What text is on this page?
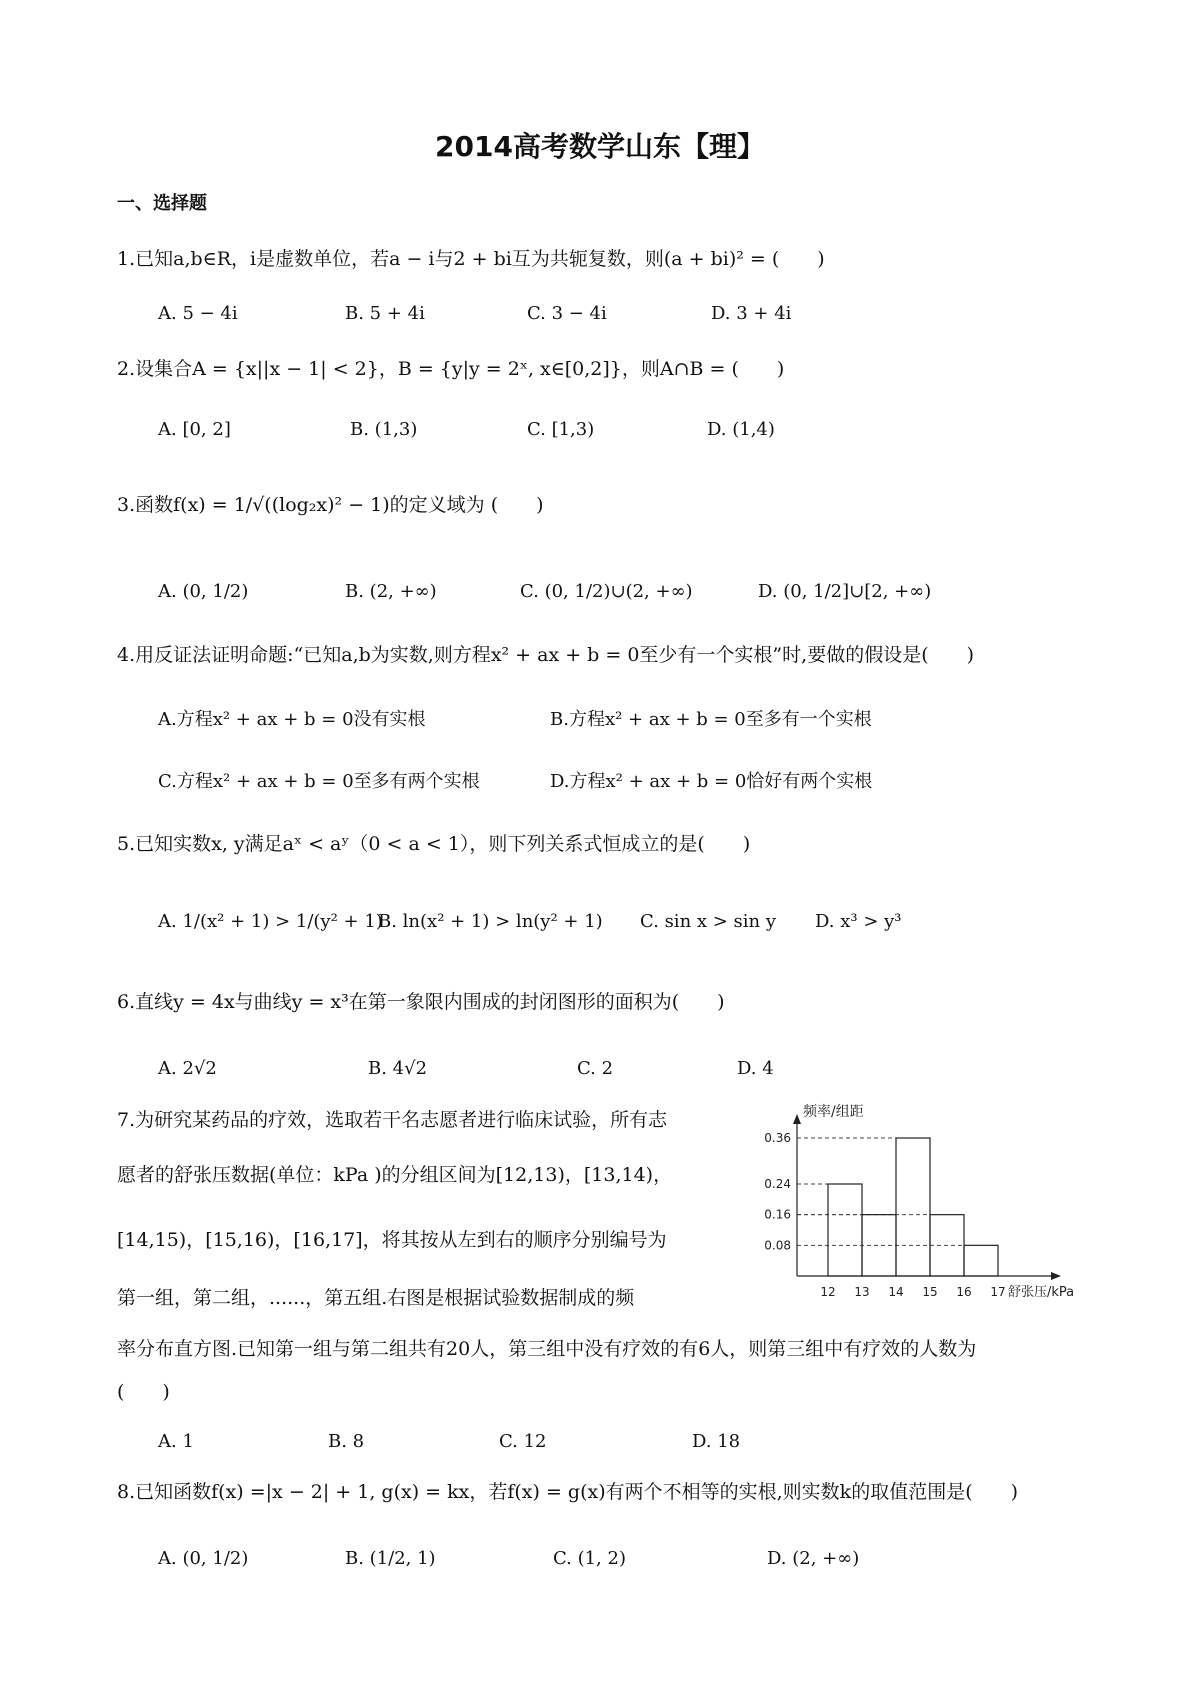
2014高考数学山东【理】
一、选择题
1.已知a,b∈R，i是虚数单位，若a − i与2 + bi互为共轭复数，则(a + bi)² = (　　)
A. 5 − 4i	B. 5 + 4i	C. 3 − 4i	D. 3 + 4i
2.设集合A = {x||x − 1| < 2}，B = {y|y = 2ˣ, x∈[0,2]}，则A∩B = (　　)
A. [0, 2]	B. (1,3)	C. [1,3)	D. (1,4)
3.函数f(x) = 1/√((log₂x)² − 1)的定义域为 (　　)
A. (0, 1/2)	B. (2, +∞)	C. (0, 1/2)∪(2, +∞)	D. (0, 1/2]∪[2, +∞)
4.用反证法证明命题:“已知a,b为实数,则方程x² + ax + b = 0至少有一个实根”时,要做的假设是(　　)
A.方程x² + ax + b = 0没有实根	B.方程x² + ax + b = 0至多有一个实根
C.方程x² + ax + b = 0至多有两个实根	D.方程x² + ax + b = 0恰好有两个实根
5.已知实数x, y满足aˣ < aʸ（0 < a < 1），则下列关系式恒成立的是(　　)
A. 1/(x² + 1) > 1/(y² + 1)
B. ln(x² + 1) > ln(y² + 1) C. sin x > sin y D. x³ > y³
6.直线y = 4x与曲线y = x³在第一象限内围成的封闭图形的面积为(　　)
A. 2√2	B. 4√2	C. 2	D. 4
7.为研究某药品的疗效，选取若干名志愿者进行临床试验，所有志
愿者的舒张压数据(单位：kPa )的分组区间为[12,13)，[13,14)，
[14,15)，[15,16)，[16,17]，将其按从左到右的顺序分别编号为
第一组，第二组，......，第五组.右图是根据试验数据制成的频
率分布直方图.已知第一组与第二组共有20人，第三组中没有疗效的有6人，则第三组中有疗效的人数为
(　　)
A. 1	B. 8	C. 12	D. 18
0.36
0.24
0.16
0.08
12 13 14 15 16 17
频率/组距
舒张压/kPa
8.已知函数f(x) =|x − 2| + 1, g(x) = kx，若f(x) = g(x)有两个不相等的实根,则实数k的取值范围是(　　)
A. (0, 1/2)	B. (1/2, 1)	C. (1, 2)	D. (2, +∞)
